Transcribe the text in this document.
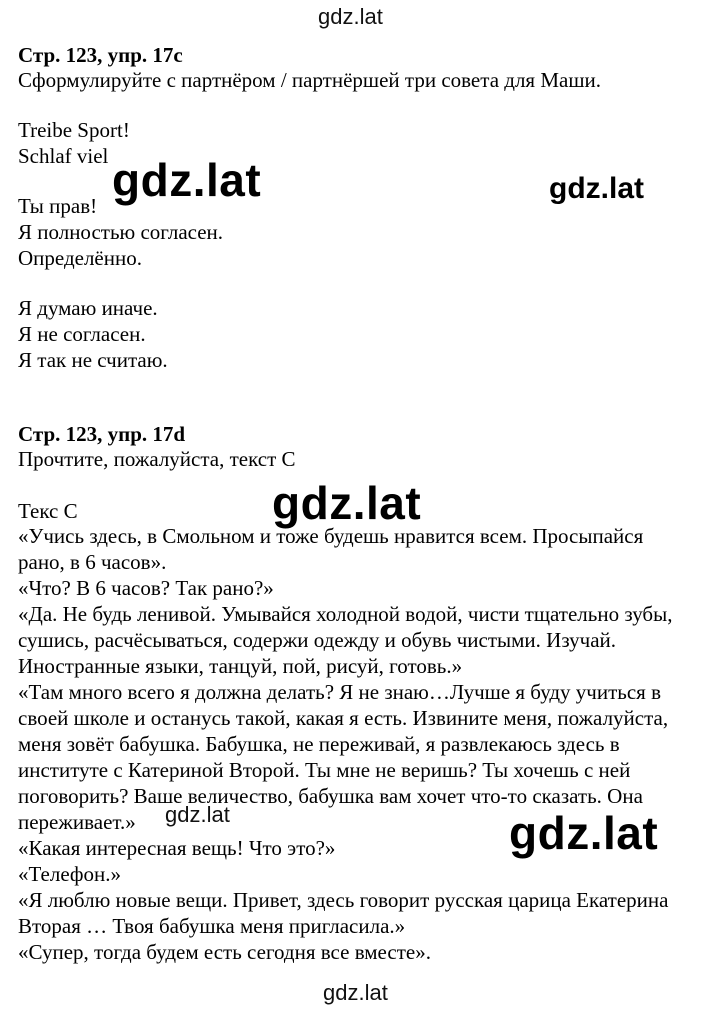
gdz.lat
Стр. 123, упр. 17c
Сформулируйте с партнёром / партнёршей три совета для Маши.
Treibe Sport!
Schlaf viel
Ты прав!
Я полностью согласен.
Определённо.
Я думаю иначе.
Я не согласен.
Я так не считаю.
gdz.lat	gdz.lat
Стр. 123, упр. 17d
Прочтите, пожалуйста, текст С
Текс С
«Учись здесь, в Смольном и тоже будешь нравится всем. Просыпайся
рано, в 6 часов».
«Что? В 6 часов? Так рано?»
«Да. Не будь ленивой. Умывайся холодной водой, чисти тщательно зубы,
сушись, расчёсываться, содержи одежду и обувь чистыми. Изучай.
Иностранные языки, танцуй, пой, рисуй, готовь.»
«Там много всего я должна делать? Я не знаю…Лучше я буду учиться в
своей школе и останусь такой, какая я есть. Извините меня, пожалуйста,
меня зовёт бабушка. Бабушка, не переживай, я развлекаюсь здесь в
институте с Катериной Второй. Ты мне не веришь? Ты хочешь с ней
поговорить? Ваше величество, бабушка вам хочет что-то сказать. Она
переживает.»
«Какая интересная вещь! Что это?»
«Телефон.»
«Я люблю новые вещи. Привет, здесь говорит русская царица Екатерина
Вторая … Твоя бабушка меня пригласила.»
«Супер, тогда будем есть сегодня все вместе».
gdz.lat
gdz.lat	gdz.lat
gdz.lat
